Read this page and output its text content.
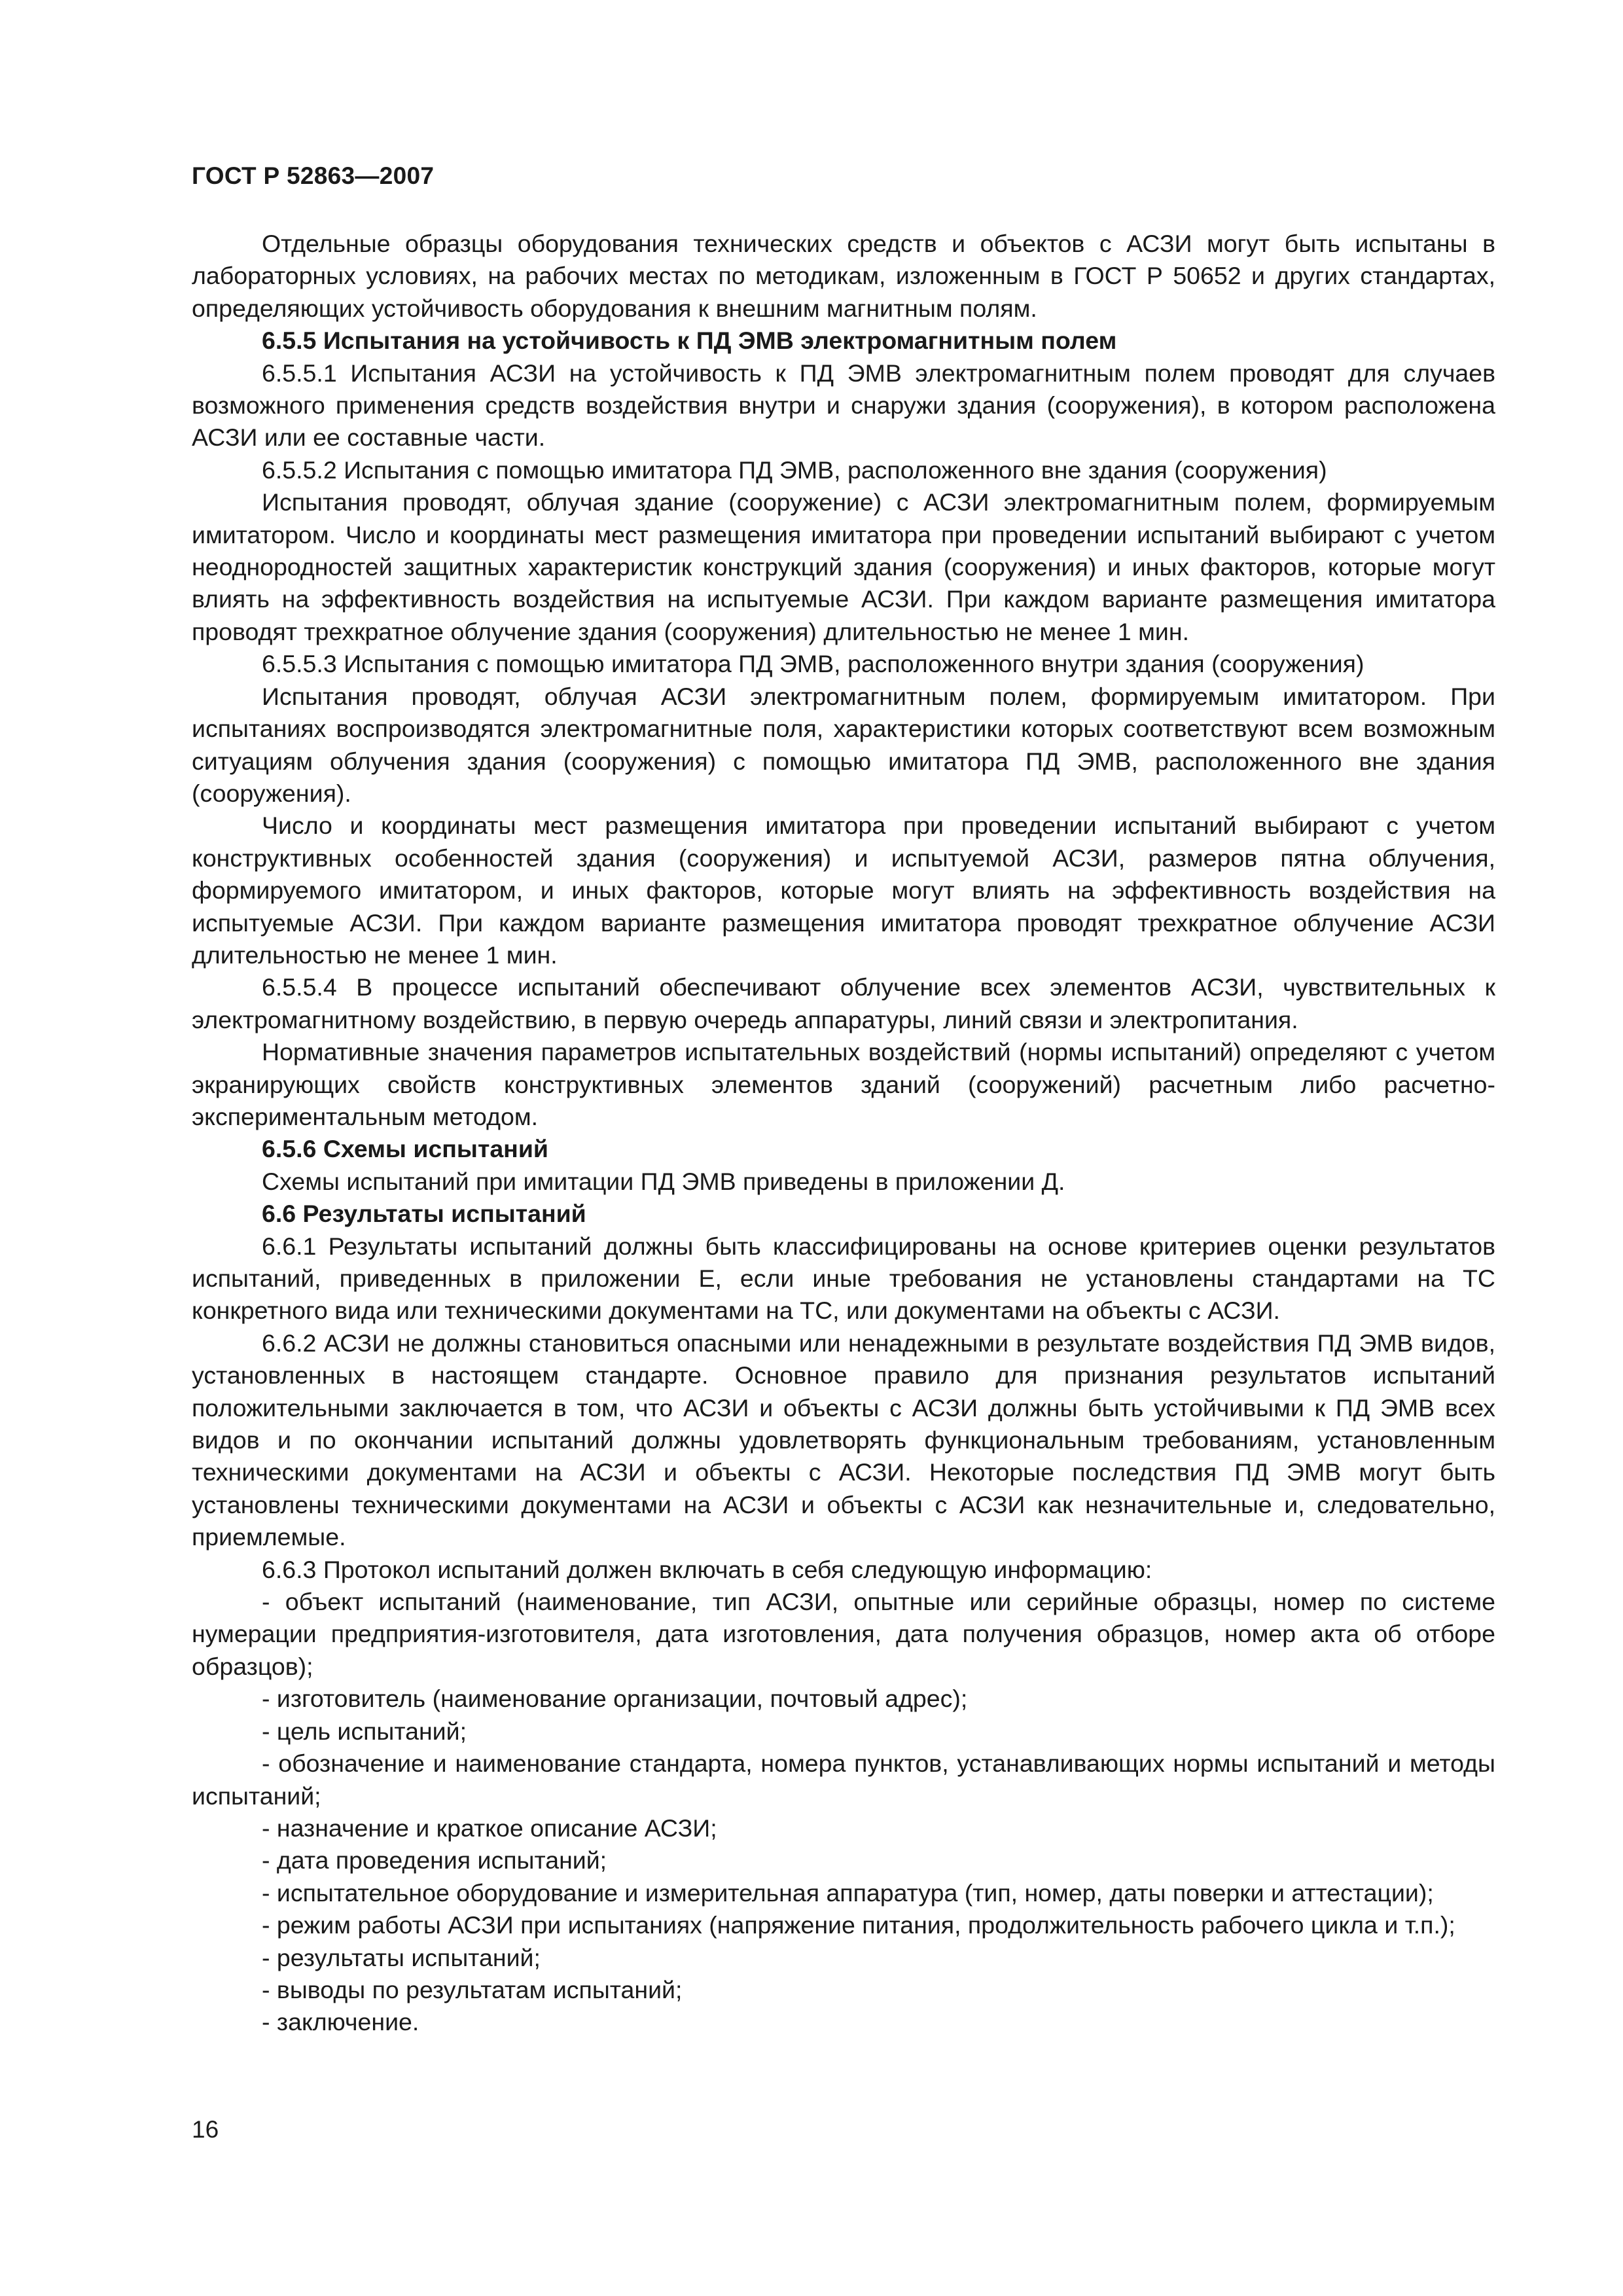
ГОСТ Р 52863—2007

Отдельные образцы оборудования технических средств и объектов с АСЗИ могут быть испытаны в лабораторных условиях, на рабочих местах по методикам, изложенным в ГОСТ Р 50652 и других стандартах, определяющих устойчивость оборудования к внешним магнитным полям.

6.5.5 Испытания на устойчивость к ПД ЭМВ электромагнитным полем

6.5.5.1 Испытания АСЗИ на устойчивость к ПД ЭМВ электромагнитным полем проводят для случаев возможного применения средств воздействия внутри и снаружи здания (сооружения), в котором расположена АСЗИ или ее составные части.

6.5.5.2 Испытания с помощью имитатора ПД ЭМВ, расположенного вне здания (сооружения)

Испытания проводят, облучая здание (сооружение) с АСЗИ электромагнитным полем, формируемым имитатором. Число и координаты мест размещения имитатора при проведении испытаний выбирают с учетом неоднородностей защитных характеристик конструкций здания (сооружения) и иных факторов, которые могут влиять на эффективность воздействия на испытуемые АСЗИ. При каждом варианте размещения имитатора проводят трехкратное облучение здания (сооружения) длительностью не менее 1 мин.

6.5.5.3 Испытания с помощью имитатора ПД ЭМВ, расположенного внутри здания (сооружения)

Испытания проводят, облучая АСЗИ электромагнитным полем, формируемым имитатором. При испытаниях воспроизводятся электромагнитные поля, характеристики которых соответствуют всем возможным ситуациям облучения здания (сооружения) с помощью имитатора ПД ЭМВ, расположенного вне здания (сооружения).

Число и координаты мест размещения имитатора при проведении испытаний выбирают с учетом конструктивных особенностей здания (сооружения) и испытуемой АСЗИ, размеров пятна облучения, формируемого имитатором, и иных факторов, которые могут влиять на эффективность воздействия на испытуемые АСЗИ. При каждом варианте размещения имитатора проводят трехкратное облучение АСЗИ длительностью не менее 1 мин.

6.5.5.4 В процессе испытаний обеспечивают облучение всех элементов АСЗИ, чувствительных к электромагнитному воздействию, в первую очередь аппаратуры, линий связи и электропитания.

Нормативные значения параметров испытательных воздействий (нормы испытаний) определяют с учетом экранирующих свойств конструктивных элементов зданий (сооружений) расчетным либо расчетно-экспериментальным методом.

6.5.6 Схемы испытаний

Схемы испытаний при имитации ПД ЭМВ приведены в приложении Д.

6.6 Результаты испытаний

6.6.1 Результаты испытаний должны быть классифицированы на основе критериев оценки результатов испытаний, приведенных в приложении Е, если иные требования не установлены стандартами на ТС конкретного вида или техническими документами на ТС, или документами на объекты с АСЗИ.

6.6.2 АСЗИ не должны становиться опасными или ненадежными в результате воздействия ПД ЭМВ видов, установленных в настоящем стандарте. Основное правило для признания результатов испытаний положительными заключается в том, что АСЗИ и объекты с АСЗИ должны быть устойчивыми к ПД ЭМВ всех видов и по окончании испытаний должны удовлетворять функциональным требованиям, установленным техническими документами на АСЗИ и объекты с АСЗИ. Некоторые последствия ПД ЭМВ могут быть установлены техническими документами на АСЗИ и объекты с АСЗИ как незначительные и, следовательно, приемлемые.

6.6.3 Протокол испытаний должен включать в себя следующую информацию:

- объект испытаний (наименование, тип АСЗИ, опытные или серийные образцы, номер по системе нумерации предприятия-изготовителя, дата изготовления, дата получения образцов, номер акта об отборе образцов);

- изготовитель (наименование организации, почтовый адрес);

- цель испытаний;

- обозначение и наименование стандарта, номера пунктов, устанавливающих нормы испытаний и методы испытаний;

- назначение и краткое описание АСЗИ;

- дата проведения испытаний;

- испытательное оборудование и измерительная аппаратура (тип, номер, даты поверки и аттестации);

- режим работы АСЗИ при испытаниях (напряжение питания, продолжительность рабочего цикла и т.п.);

- результаты испытаний;

- выводы по результатам испытаний;

- заключение.

16
